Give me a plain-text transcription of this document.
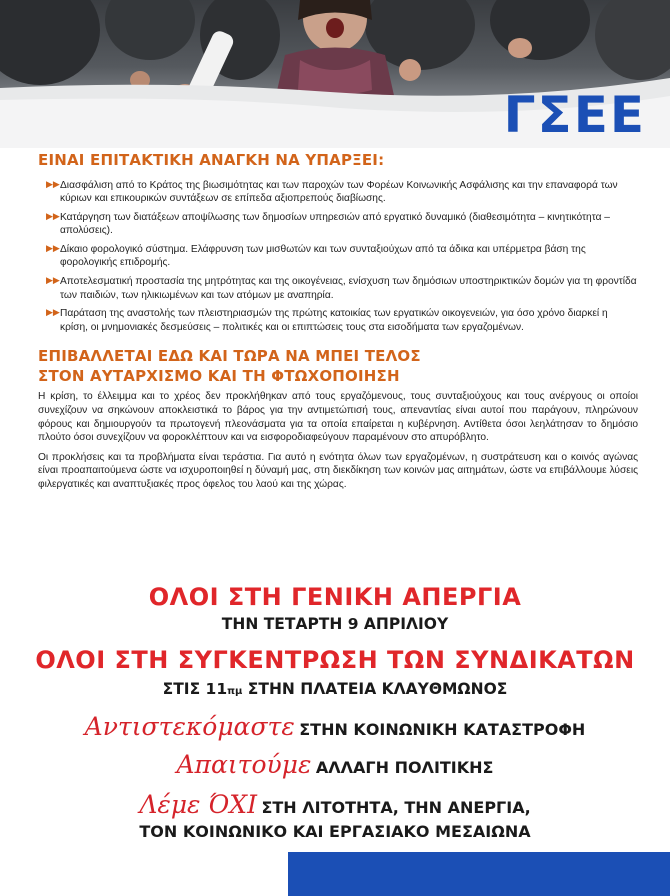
ΓΣΕΕ
ΕΙΝΑΙ ΕΠΙΤΑΚΤΙΚΗ ΑΝΑΓΚΗ ΝΑ ΥΠΑΡΞΕΙ:
▶▶ Διασφάλιση από το Κράτος της βιωσιμότητας και των παροχών των Φορέων Κοινωνικής Ασφάλισης και την επαναφορά των κύριων και επικουρικών συντάξεων σε επίπεδα αξιοπρεπούς διαβίωσης.
▶▶ Κατάργηση των διατάξεων αποψίλωσης των δημοσίων υπηρεσιών από εργατικό δυναμικό (διαθεσιμότητα – κινητικότητα – απολύσεις).
▶▶ Δίκαιο φορολογικό σύστημα. Ελάφρυνση των μισθωτών και των συνταξιούχων από τα άδικα και υπέρμετρα βάση της φορολογικής επιδρομής.
▶▶ Αποτελεσματική προστασία της μητρότητας και της οικογένειας, ενίσχυση των δημόσιων υποστηρικτικών δομών για τη φροντίδα των παιδιών, των ηλικιωμένων και των ατόμων με αναπηρία.
▶▶ Παράταση της αναστολής των πλειστηριασμών της πρώτης κατοικίας των εργατικών οικογενειών, για όσο χρόνο διαρκεί η κρίση, οι μνημονιακές δεσμεύσεις – πολιτικές και οι επιπτώσεις τους στα εισοδήματα των εργαζομένων.
ΕΠΙΒΑΛΛΕΤΑΙ ΕΔΩ ΚΑΙ ΤΩΡΑ ΝΑ ΜΠΕΙ ΤΕΛΟΣ
ΣΤΟΝ ΑΥΤΑΡΧΙΣΜΟ ΚΑΙ ΤΗ ΦΤΩΧΟΠΟΙΗΣΗ

Η κρίση, το έλλειμμα και το χρέος δεν προκλήθηκαν από τους εργαζόμενους, τους συνταξιούχους και τους ανέργους οι οποίοι συνεχίζουν να σηκώνουν αποκλειστικά το βάρος για την αντιμετώπισή τους, απεναντίας είναι αυτοί που παράγουν, πληρώνουν φόρους και δημιουργούν τα πρωτογενή πλεονάσματα για τα οποία επαίρεται η κυβέρνηση. Αντίθετα όσοι λεηλάτησαν το δημόσιο πλούτο όσοι συνεχίζουν να φοροκλέπτουν και να εισφοροδιαφεύγουν παραμένουν στο απυρόβλητο.

Οι προκλήσεις και τα προβλήματα είναι τεράστια. Για αυτό η ενότητα όλων των εργαζομένων, η συστράτευση και ο κοινός αγώνας είναι προαπαιτούμενα ώστε να ισχυροποιηθεί η δύναμή μας, στη διεκδίκηση των κοινών μας αιτημάτων, ώστε να επιβάλλουμε λύσεις φιλεργατικές και αναπτυξιακές προς όφελος του λαού και της χώρας.

ΟΛΟΙ ΣΤΗ ΓΕΝΙΚΗ ΑΠΕΡΓΙΑ
ΤΗΝ ΤΕΤΑΡΤΗ 9 ΑΠΡΙΛΙΟΥ
ΟΛΟΙ ΣΤΗ ΣΥΓΚΕΝΤΡΩΣΗ ΤΩΝ ΣΥΝΔΙΚΑΤΩΝ
ΣΤΙΣ 11πμ ΣΤΗΝ ΠΛΑΤΕΙΑ ΚΛΑΥΘΜΩΝΟΣ
Αντιστεκόμαστε ΣΤΗΝ ΚΟΙΝΩΝΙΚΗ ΚΑΤΑΣΤΡΟΦΗ
Απαιτούμε ΑΛΛΑΓΗ ΠΟΛΙΤΙΚΗΣ
Λέμε ΌΧΙ ΣΤΗ ΛΙΤΟΤΗΤΑ, ΤΗΝ ΑΝΕΡΓΙΑ,
ΤΟΝ ΚΟΙΝΩΝΙΚΟ ΚΑΙ ΕΡΓΑΣΙΑΚΟ ΜΕΣΑΙΩΝΑ
